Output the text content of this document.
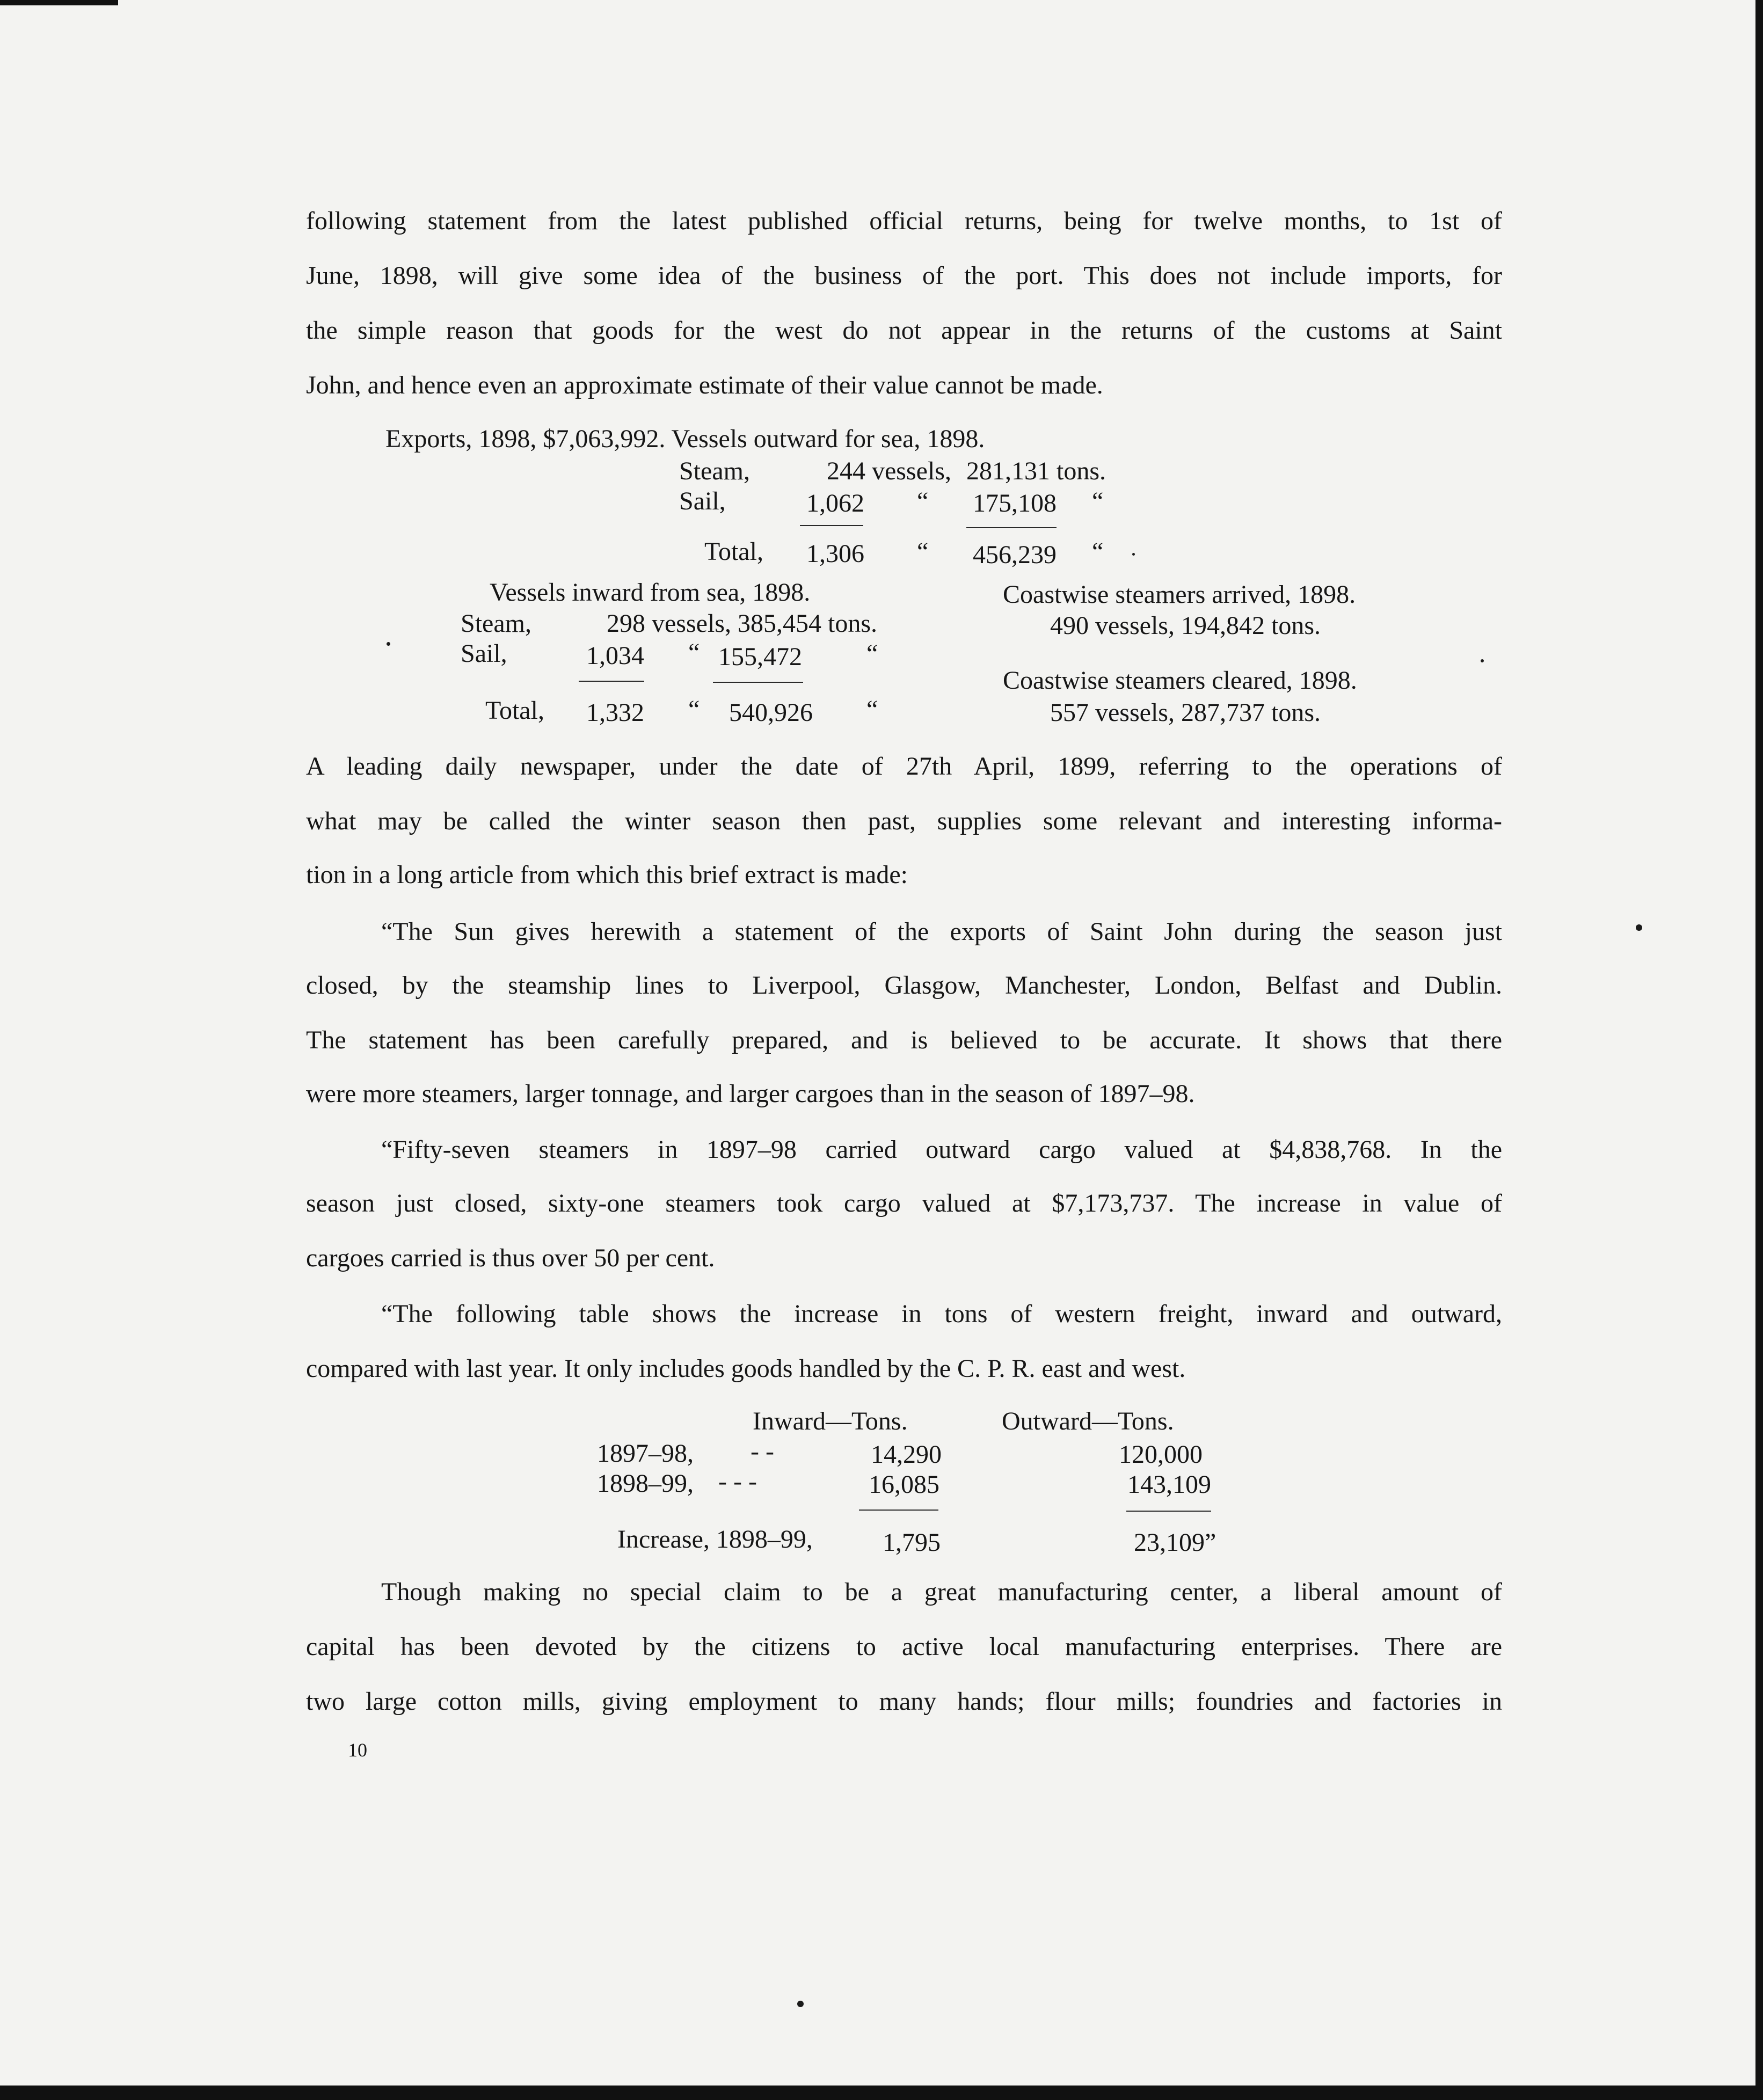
following statement from the latest published official returns, being for twelve months, to 1st of
June, 1898, will give some idea of the business of the port. This does not include imports, for
the simple reason that goods for the west do not appear in the returns of the customs at Saint
John, and hence even an approximate estimate of their value cannot be made.
Exports, 1898, $7,063,992. Vessels outward for sea, 1898.
Steam,	244 vessels, 281,131 tons.
Sail,	1,062 “ 175,108 “
Total, 1,306 “ 456,239 “
Vessels inward from sea, 1898.
Steam,	298 vessels, 385,454 tons.
Sail,	1,034 “ 155,472	“
Total, 1,332 “ 540,926 “
Coastwise steamers arrived, 1898.
490 vessels, 194,842 tons.
Coastwise steamers cleared, 1898.
557 vessels, 287,737 tons.
A leading daily newspaper, under the date of 27th April, 1899, referring to the operations of
what may be called the winter season then past, supplies some relevant and interesting informa-
tion in a long article from which this brief extract is made:
“The Sun gives herewith a statement of the exports of Saint John during the season just
closed, by the steamship lines to Liverpool, Glasgow, Manchester, London, Belfast and Dublin.
The statement has been carefully prepared, and is believed to be accurate. It shows that there
were more steamers, larger tonnage, and larger cargoes than in the season of 1897–98.
“Fifty-seven steamers in 1897–98 carried outward cargo valued at $4,838,768. In the
season just closed, sixty-one steamers took cargo valued at $7,173,737. The increase in value of
cargoes carried is thus over 50 per cent.
“The following table shows the increase in tons of western freight, inward and outward,
compared with last year. It only includes goods handled by the C. P. R. east and west.
Inward—Tons.	Outward—Tons.
1897–98, - -	14,290	120,000
1898–99, - - -	16,085	143,109
Increase, 1898–99,	1,795	23,109”
Though making no special claim to be a great manufacturing center, a liberal amount of
capital has been devoted by the citizens to active local manufacturing enterprises. There are
two large cotton mills, giving employment to many hands; flour mills; foundries and factories in
10
